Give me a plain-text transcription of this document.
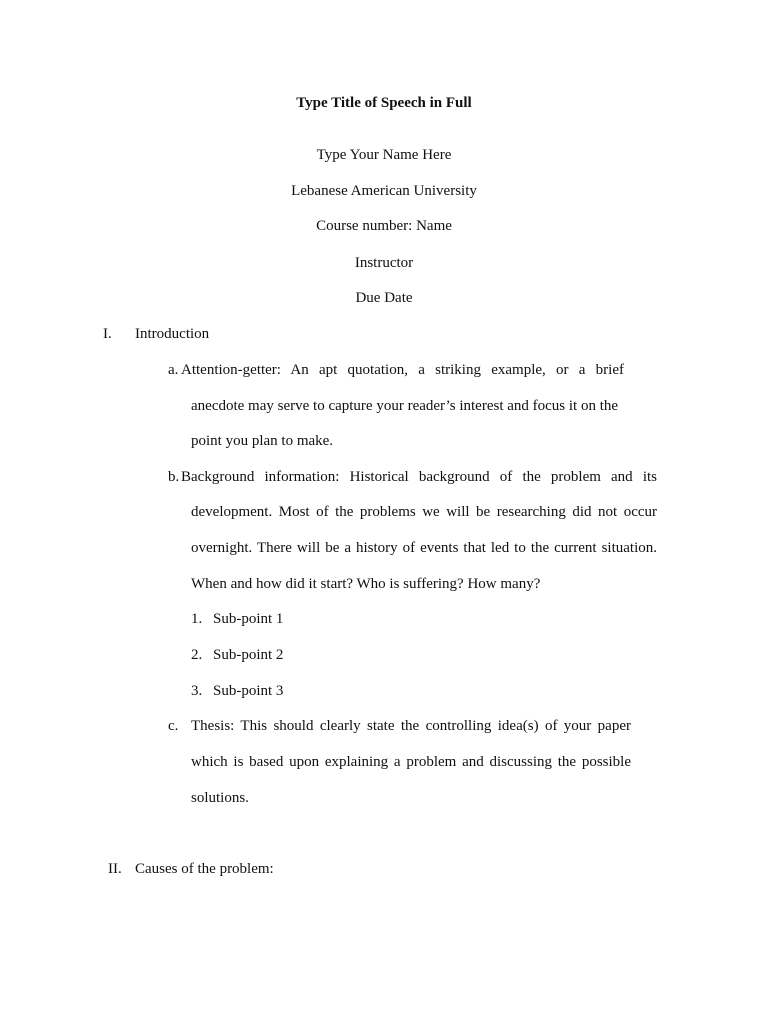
Type Title of Speech in Full
Type Your Name Here
Lebanese American University
Course number: Name
Instructor
Due Date
I. Introduction
a. Attention-getter: An apt quotation, a striking example, or a brief
anecdote may serve to capture your reader’s interest and focus it on the
point you plan to make.
b. Background information: Historical background of the problem and its
development. Most of the problems we will be researching did not occur
overnight. There will be a history of events that led to the current situation.
When and how did it start? Who is suffering? How many?
1. Sub-point 1
2. Sub-point 2
3. Sub-point 3
c. Thesis: This should clearly state the controlling idea(s) of your paper
which is based upon explaining a problem and discussing the possible
solutions.
II. Causes of the problem:
